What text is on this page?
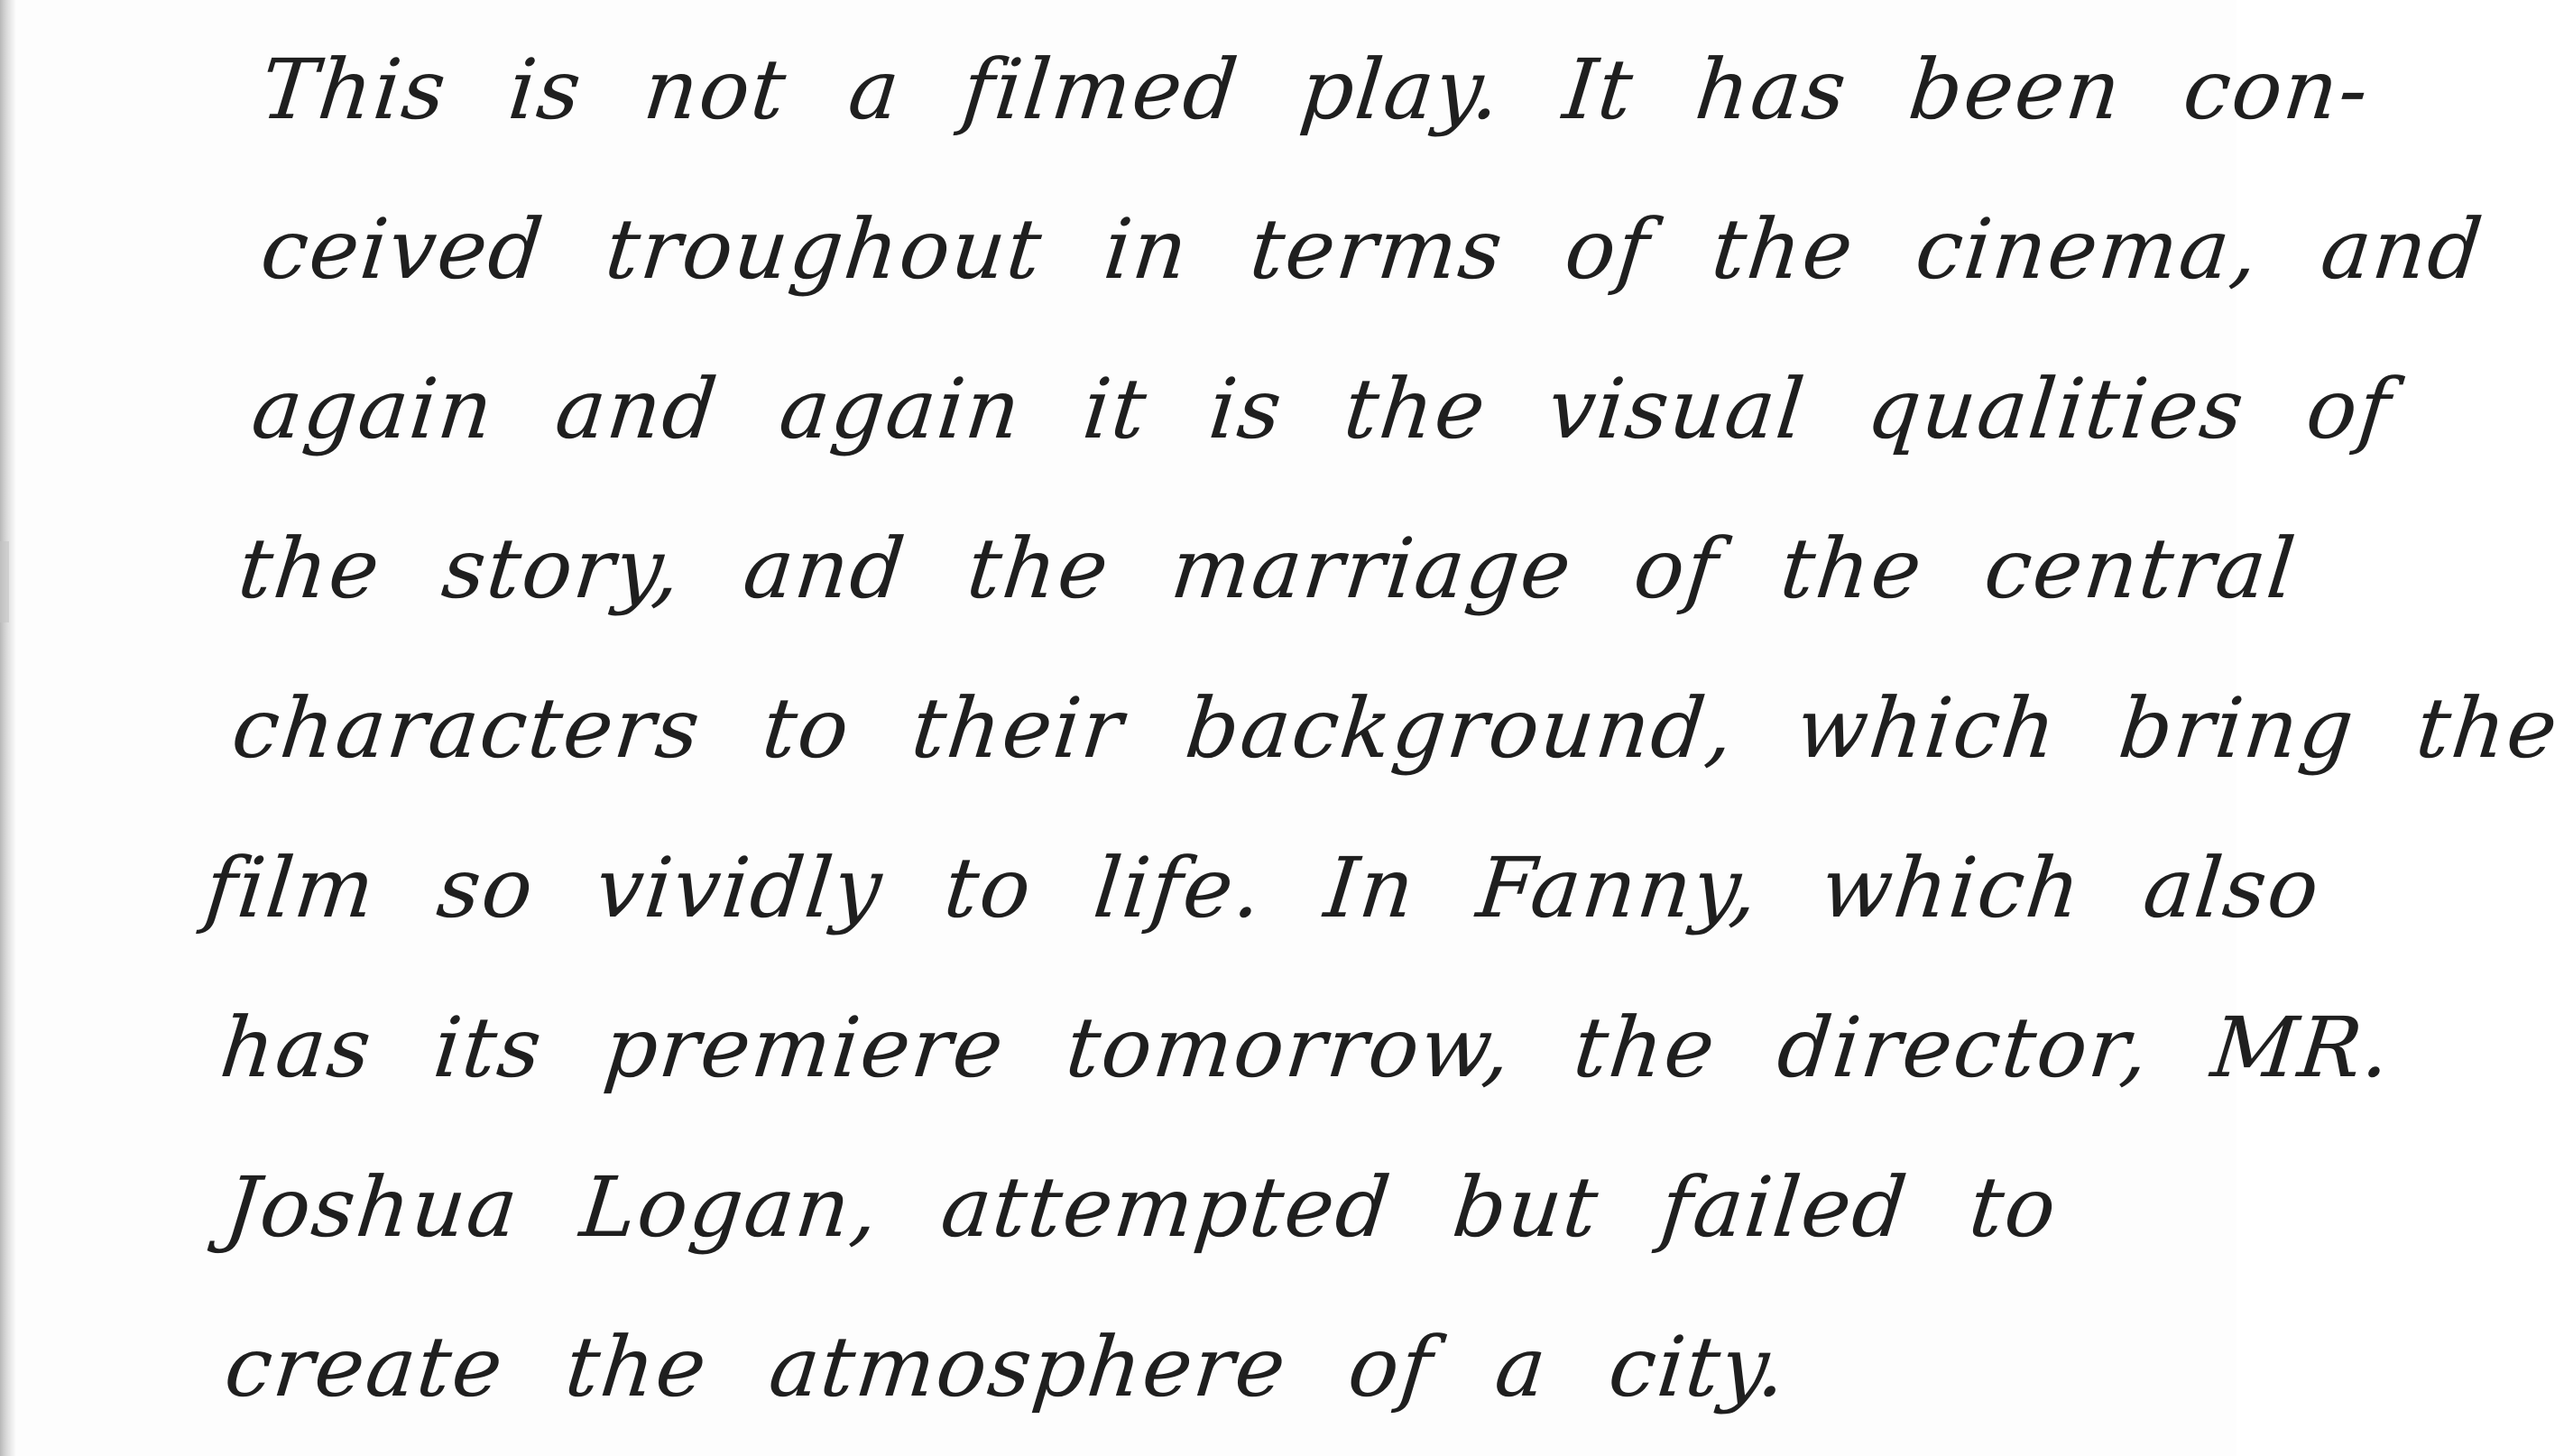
This is not a filmed play. It has been con-
ceived troughout in terms of the cinema, and
again and again it is the visual qualities of
the story, and the marriage of the central
characters to their background, which bring the
film so vividly to life. In Fanny, which also
has its premiere tomorrow, the director, MR.
Joshua Logan, attempted but failed to
create the atmosphere of a city.
